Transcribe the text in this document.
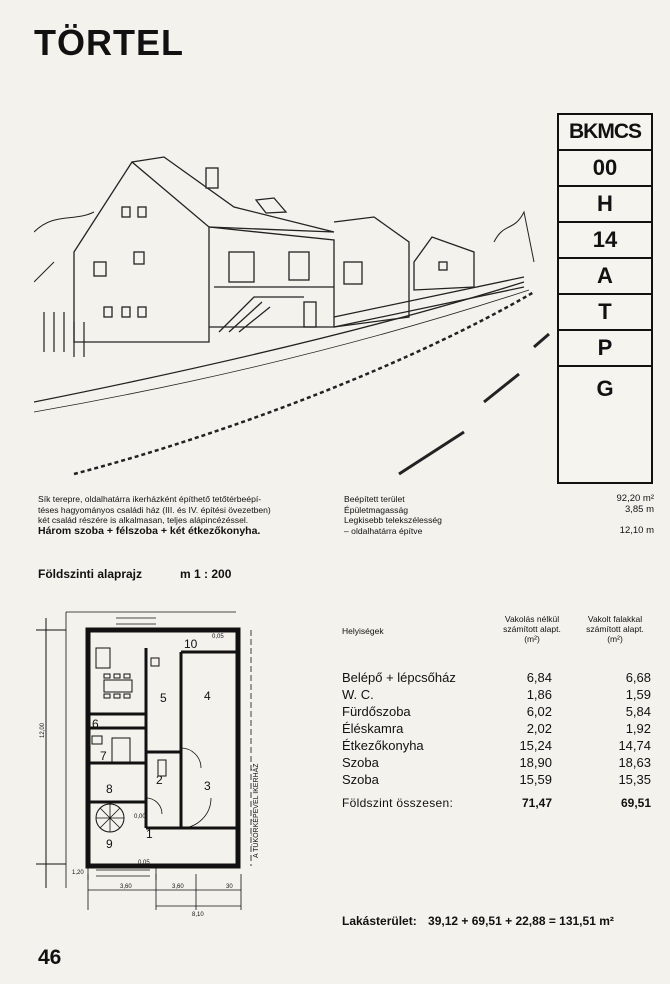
TÖRTEL
BKMCS
00
H
14
A
T
P
G
Sík terepre, oldalhatárra ikerházként építhető tetőtérbeépí-
téses hagyományos családi ház (III. és IV. építési övezetben)
két család részére is alkalmasan, teljes alápincézéssel.
Három szoba + félszoba + két étkezőkonyha.
Beépített terület	92,20 m²
Épületmagasság	3,85 m
Legkisebb telekszélesség
– oldalhatárra építve	12,10 m
Földszinti alaprajz	m 1 : 200
1
2	3
4
5
6
7
8
9
10
A TÜKÖRKÉPEVEL IKERHÁZ
12,00
3,60	3,60	30
8,10
1,20
0,05
0,05
0,00
Helyiségek
Vakolás nélkül
számított alapt.
(m²)
Vakolt falakkal
számított alapt.
(m²)
Belépő + lépcsőház	6,84	6,68
W. C.	1,86	1,59
Fürdőszoba	6,02	5,84
Éléskamra	2,02	1,92
Étkezőkonyha	15,24	14,74
Szoba	18,90	18,63
Szoba	15,59	15,35
Földszint összesen:	71,47	69,51
Lakásterület: 39,12 + 69,51 + 22,88 = 131,51 m²
46
